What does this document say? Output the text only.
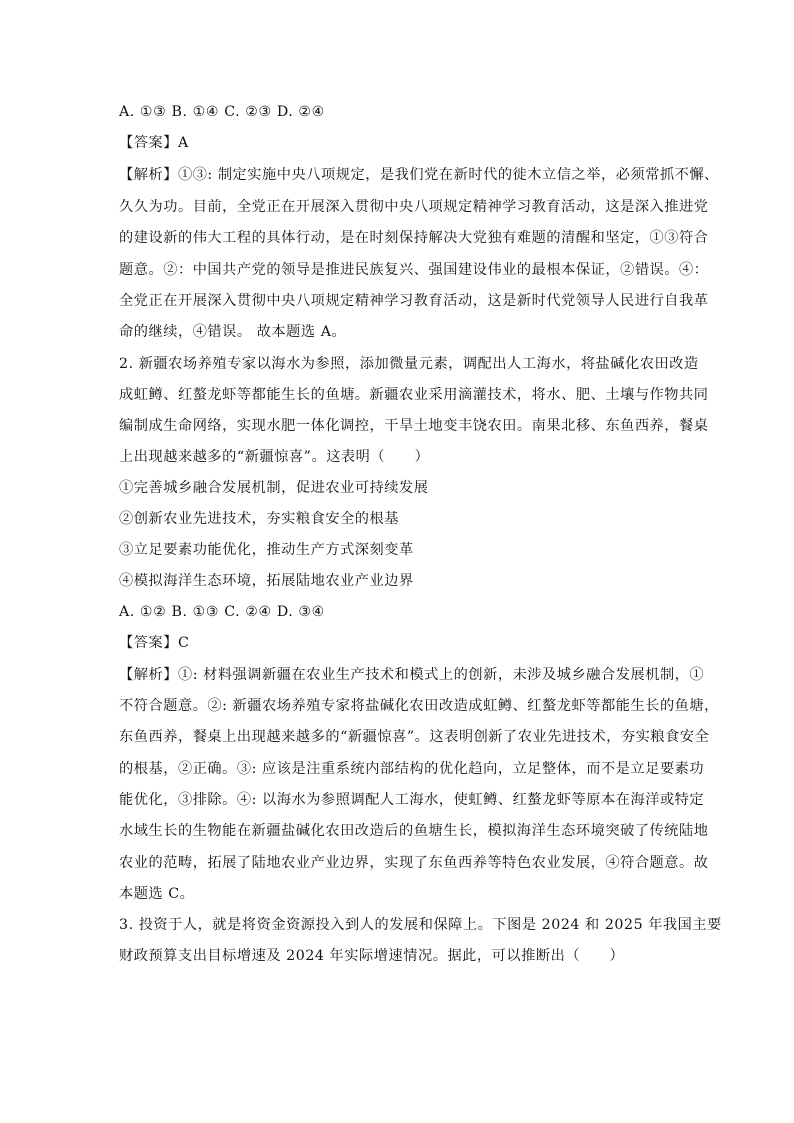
A. ①③ B. ①④ C. ②③ D. ②④
【答案】A
【解析】①③: 制定实施中央八项规定，是我们党在新时代的徙木立信之举，必须常抓不懈、
久久为功。目前，全党正在开展深入贯彻中央八项规定精神学习教育活动，这是深入推进党
的建设新的伟大工程的具体行动，是在时刻保持解决大党独有难题的清醒和坚定，①③符合
题意。②：中国共产党的领导是推进民族复兴、强国建设伟业的最根本保证，②错误。④：
全党正在开展深入贯彻中央八项规定精神学习教育活动，这是新时代党领导人民进行自我革
命的继续，④错误。 故本题选 A。
2. 新疆农场养殖专家以海水为参照，添加微量元素，调配出人工海水，将盐碱化农田改造
成虹鳟、红螯龙虾等都能生长的鱼塘。新疆农业采用滴灌技术，将水、肥、土壤与作物共同
编制成生命网络，实现水肥一体化调控，干旱土地变丰饶农田。南果北移、东鱼西养，餐桌
上出现越来越多的“新疆惊喜”。这表明（　　）
①完善城乡融合发展机制，促进农业可持续发展
②创新农业先进技术，夯实粮食安全的根基
③立足要素功能优化，推动生产方式深刻变革
④模拟海洋生态环境，拓展陆地农业产业边界
A. ①② B. ①③ C. ②④ D. ③④
【答案】C
【解析】①: 材料强调新疆在农业生产技术和模式上的创新，未涉及城乡融合发展机制，①
不符合题意。②: 新疆农场养殖专家将盐碱化农田改造成虹鳟、红螯龙虾等都能生长的鱼塘，
东鱼西养，餐桌上出现越来越多的“新疆惊喜”。这表明创新了农业先进技术，夯实粮食安全
的根基，②正确。③: 应该是注重系统内部结构的优化趋向，立足整体，而不是立足要素功
能优化，③排除。④: 以海水为参照调配人工海水，使虹鳟、红螯龙虾等原本在海洋或特定
水域生长的生物能在新疆盐碱化农田改造后的鱼塘生长，模拟海洋生态环境突破了传统陆地
农业的范畴，拓展了陆地农业产业边界，实现了东鱼西养等特色农业发展，④符合题意。故
本题选 C。
3. 投资于人，就是将资金资源投入到人的发展和保障上。下图是 2024 和 2025 年我国主要
财政预算支出目标增速及 2024 年实际增速情况。据此，可以推断出（　　）
